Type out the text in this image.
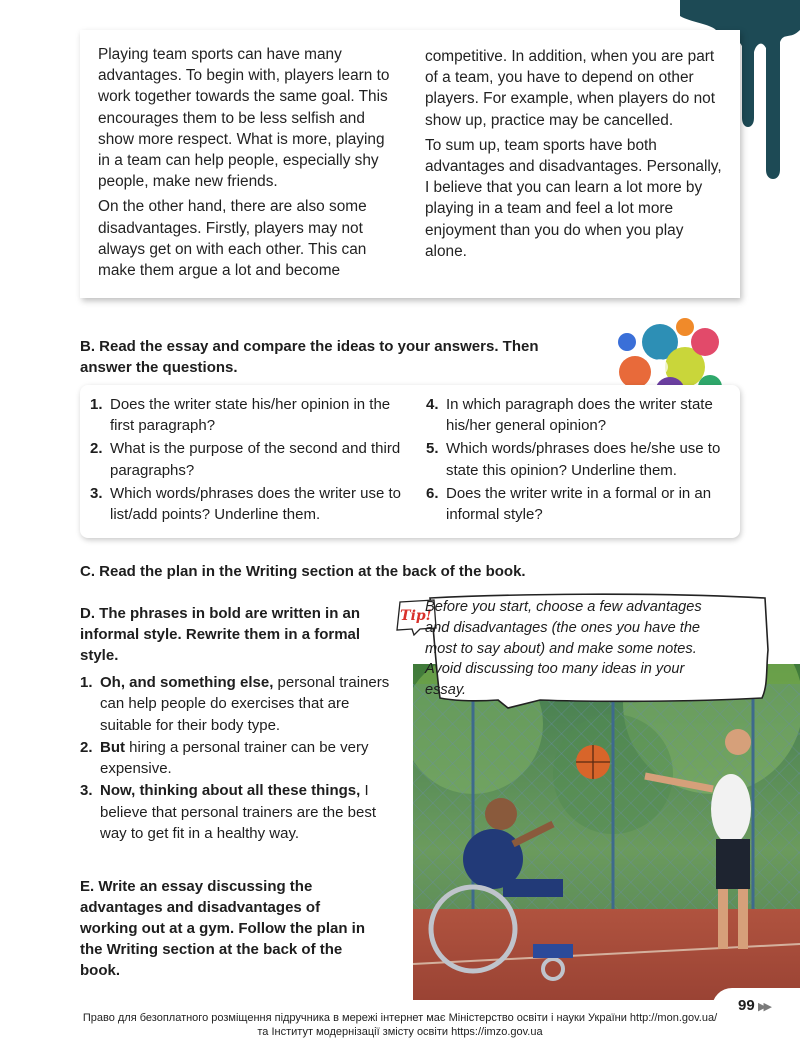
Playing team sports can have many advantages. To begin with, players learn to work together towards the same goal. This encourages them to be less selfish and show more respect. What is more, playing in a team can help people, especially shy people, make new friends.

On the other hand, there are also some disadvantages. Firstly, players may not always get on with each other. This can make them argue a lot and become

competitive. In addition, when you are part of a team, you have to depend on other players. For example, when players do not show up, practice may be cancelled.

To sum up, team sports have both advantages and disadvantages. Personally, I believe that you can learn a lot more by playing in a team and feel a lot more enjoyment than you do when you play alone.

B. Read the essay and compare the ideas to your answers. Then answer the questions.
1. Does the writer state his/her opinion in the first paragraph?
2. What is the purpose of the second and third paragraphs?
3. Which words/phrases does the writer use to list/add points? Underline them.
4. In which paragraph does the writer state his/her general opinion?
5. Which words/phrases does he/she use to state this opinion? Underline them.
6. Does the writer write in a formal or in an informal style?
C. Read the plan in the Writing section at the back of the book.
D. The phrases in bold are written in an informal style. Rewrite them in a formal style.
1. Oh, and something else, personal trainers can help people do exercises that are suitable for their body type.
2. But hiring a personal trainer can be very expensive.
3. Now, thinking about all these things, I believe that personal trainers are the best way to get fit in a healthy way.
E. Write an essay discussing the advantages and disadvantages of working out at a gym. Follow the plan in the Writing section at the back of the book.
Tip!
Before you start, choose a few advantages and disadvantages (the ones you have the most to say about) and make some notes. Avoid discussing too many ideas in your essay.
99 ▶▶
Право для безоплатного розміщення підручника в мережі інтернет має Міністерство освіти і науки України http://mon.gov.ua/
та Інститут модернізації змісту освіти https://imzo.gov.ua
